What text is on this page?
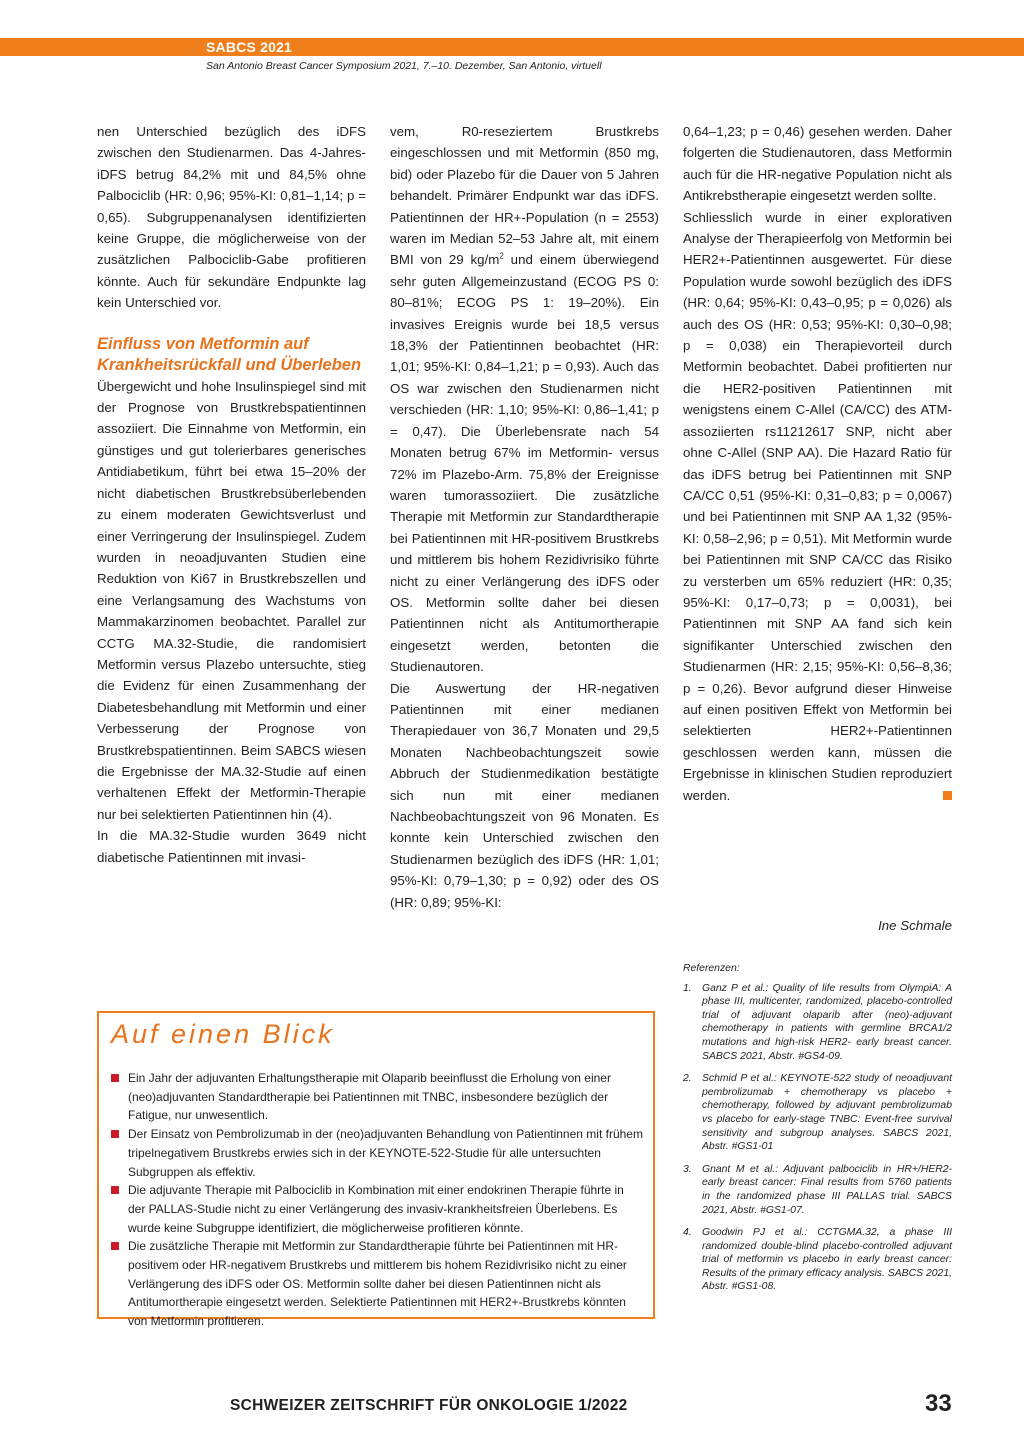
SABCS 2021
San Antonio Breast Cancer Symposium 2021, 7.–10. Dezember, San Antonio, virtuell

nen Unterschied bezüglich des iDFS zwischen den Studienarmen. Das 4-Jahres-iDFS betrug 84,2% mit und 84,5% ohne Palbociclib (HR: 0,96; 95%-KI: 0,81–1,14; p = 0,65). Subgruppenanalysen identifizierten keine Gruppe, die möglicherweise von der zusätzlichen Palbociclib-Gabe profitieren könnte. Auch für sekundäre Endpunkte lag kein Unterschied vor.

Einfluss von Metformin auf Krankheitsrückfall und Überleben

Übergewicht und hohe Insulinspiegel sind mit der Prognose von Brustkrebspatientinnen assoziiert. Die Einnahme von Metformin, ein günstiges und gut tolerierbares generisches Antidiabetikum, führt bei etwa 15–20% der nicht diabetischen Brustkrebsüberlebenden zu einem moderaten Gewichtsverlust und einer Verringerung der Insulinspiegel. Zudem wurden in neoadjuvanten Studien eine Reduktion von Ki67 in Brustkrebszellen und eine Verlangsamung des Wachstums von Mammakarzinomen beobachtet. Parallel zur CCTG MA.32-Studie, die randomisiert Metformin versus Plazebo untersuchte, stieg die Evidenz für einen Zusammenhang der Diabetesbehandlung mit Metformin und einer Verbesserung der Prognose von Brustkrebspatientinnen. Beim SABCS wiesen die Ergebnisse der MA.32-Studie auf einen verhaltenen Effekt der Metformin-Therapie nur bei selektierten Patientinnen hin (4).

In die MA.32-Studie wurden 3649 nicht diabetische Patientinnen mit invasi-

vem, R0-reseziertem Brustkrebs eingeschlossen und mit Metformin (850 mg, bid) oder Plazebo für die Dauer von 5 Jahren behandelt. Primärer Endpunkt war das iDFS. Patientinnen der HR+-Population (n = 2553) waren im Median 52–53 Jahre alt, mit einem BMI von 29 $kg/m^2$ und einem überwiegend sehr guten Allgemeinzustand (ECOG PS 0: 80–81%; ECOG PS 1: 19–20%). Ein invasives Ereignis wurde bei 18,5 versus 18,3% der Patientinnen beobachtet (HR: 1,01; 95%-KI: 0,84–1,21; p = 0,93). Auch das OS war zwischen den Studienarmen nicht verschieden (HR: 1,10; 95%-KI: 0,86–1,41; p = 0,47). Die Überlebensrate nach 54 Monaten betrug 67% im Metformin- versus 72% im Plazebo-Arm. 75,8% der Ereignisse waren tumorassoziiert. Die zusätzliche Therapie mit Metformin zur Standardtherapie bei Patientinnen mit HR-positivem Brustkrebs und mittlerem bis hohem Rezidivrisiko führte nicht zu einer Verlängerung des iDFS oder OS. Metformin sollte daher bei diesen Patientinnen nicht als Antitumortherapie eingesetzt werden, betonten die Studienautoren.

Die Auswertung der HR-negativen Patientinnen mit einer medianen Therapiedauer von 36,7 Monaten und 29,5 Monaten Nachbeobachtungszeit sowie Abbruch der Studienmedikation bestätigte sich nun mit einer medianen Nachbeobachtungszeit von 96 Monaten. Es konnte kein Unterschied zwischen den Studienarmen bezüglich des iDFS (HR: 1,01; 95%-KI: 0,79–1,30; p = 0,92) oder des OS (HR: 0,89; 95%-KI:

0,64–1,23; p = 0,46) gesehen werden. Daher folgerten die Studienautoren, dass Metformin auch für die HR-negative Population nicht als Antikrebstherapie eingesetzt werden sollte.

Schliesslich wurde in einer explorativen Analyse der Therapieerfolg von Metformin bei HER2+-Patientinnen ausgewertet. Für diese Population wurde sowohl bezüglich des iDFS (HR: 0,64; 95%-KI: 0,43–0,95; p = 0,026) als auch des OS (HR: 0,53; 95%-KI: 0,30–0,98; p = 0,038) ein Therapievorteil durch Metformin beobachtet. Dabei profitierten nur die HER2-positiven Patientinnen mit wenigstens einem C-Allel (CA/CC) des ATM-assoziierten rs11212617 SNP, nicht aber ohne C-Allel (SNP AA). Die Hazard Ratio für das iDFS betrug bei Patientinnen mit SNP CA/CC 0,51 (95%-KI: 0,31–0,83; p = 0,0067) und bei Patientinnen mit SNP AA 1,32 (95%-KI: 0,58–2,96; p = 0,51). Mit Metformin wurde bei Patientinnen mit SNP CA/CC das Risiko zu versterben um 65% reduziert (HR: 0,35; 95%-KI: 0,17–0,73; p = 0,0031), bei Patientinnen mit SNP AA fand sich kein signifikanter Unterschied zwischen den Studienarmen (HR: 2,15; 95%-KI: 0,56–8,36; p = 0,26). Bevor aufgrund dieser Hinweise auf einen positiven Effekt von Metformin bei selektierten HER2+-Patientinnen geschlossen werden kann, müssen die Ergebnisse in klinischen Studien reproduziert werden.

Ine Schmale

Referenzen:

1. Ganz P et al.: Quality of life results from OlympiA: A phase III, multicenter, randomized, placebo-controlled trial of adjuvant olaparib after (neo)-adjuvant chemotherapy in patients with germline BRCA1/2 mutations and high-risk HER2- early breast cancer. SABCS 2021, Abstr. #GS4-09.
2. Schmid P et al.: KEYNOTE-522 study of neoadjuvant pembrolizumab + chemotherapy vs placebo + chemotherapy, followed by adjuvant pembrolizumab vs placebo for early-stage TNBC: Event-free survival sensitivity and subgroup analyses. SABCS 2021, Abstr. #GS1-01
3. Gnant M et al.: Adjuvant palbociclib in HR+/HER2- early breast cancer: Final results from 5760 patients in the randomized phase III PALLAS trial. SABCS 2021, Abstr. #GS1-07.
4. Goodwin PJ et al.: CCTGMA.32, a phase III randomized double-blind placebo-controlled adjuvant trial of metformin vs placebo in early breast cancer: Results of the primary efficacy analysis. SABCS 2021, Abstr. #GS1-08.
Auf einen Blick
Ein Jahr der adjuvanten Erhaltungstherapie mit Olaparib beeinflusst die Erholung von einer (neo)adjuvanten Standardtherapie bei Patientinnen mit TNBC, insbesondere bezüglich der Fatigue, nur unwesentlich.
Der Einsatz von Pembrolizumab in der (neo)adjuvanten Behandlung von Patientinnen mit frühem tripelnegativem Brustkrebs erwies sich in der KEYNOTE-522-Studie für alle untersuchten Subgruppen als effektiv.
Die adjuvante Therapie mit Palbociclib in Kombination mit einer endokrinen Therapie führte in der PALLAS-Studie nicht zu einer Verlängerung des invasiv-krankheitsfreien Überlebens. Es wurde keine Subgruppe identifiziert, die möglicherweise profitieren könnte.
Die zusätzliche Therapie mit Metformin zur Standardtherapie führte bei Patientinnen mit HR-positivem oder HR-negativem Brustkrebs und mittlerem bis hohem Rezidivrisiko nicht zu einer Verlängerung des iDFS oder OS. Metformin sollte daher bei diesen Patientinnen nicht als Antitumortherapie eingesetzt werden. Selektierte Patientinnen mit HER2+-Brustkrebs könnten von Metformin profitieren.
SCHWEIZER ZEITSCHRIFT FÜR ONKOLOGIE 1/2022	33
